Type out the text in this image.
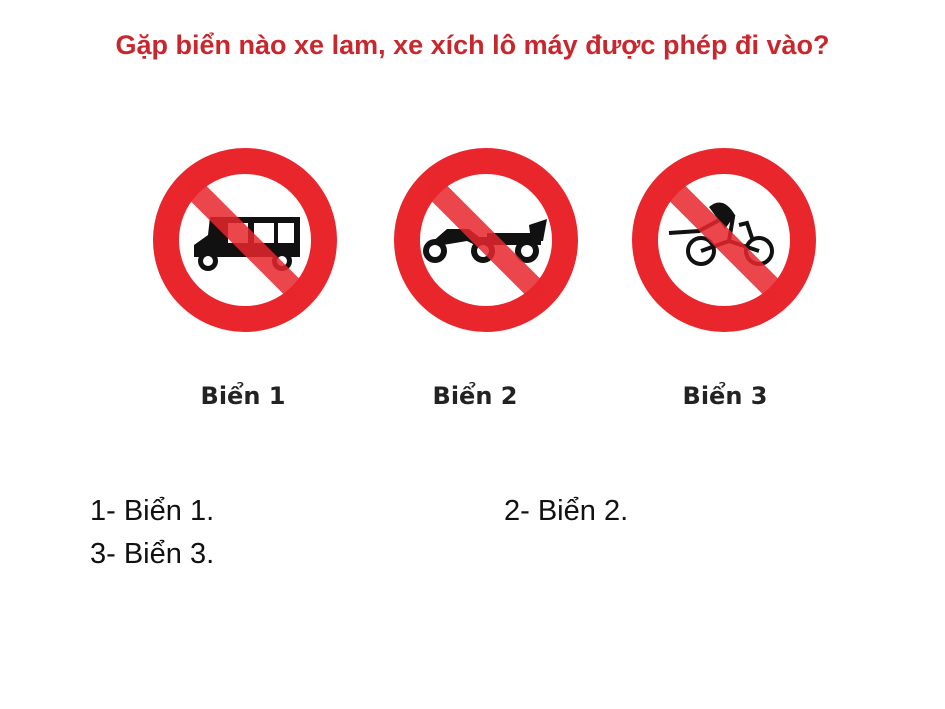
Gặp biển nào xe lam, xe xích lô máy được phép đi vào?
Biển 1	Biển 2	Biển 3
1- Biển 1.	2- Biển 2.
3- Biển 3.
